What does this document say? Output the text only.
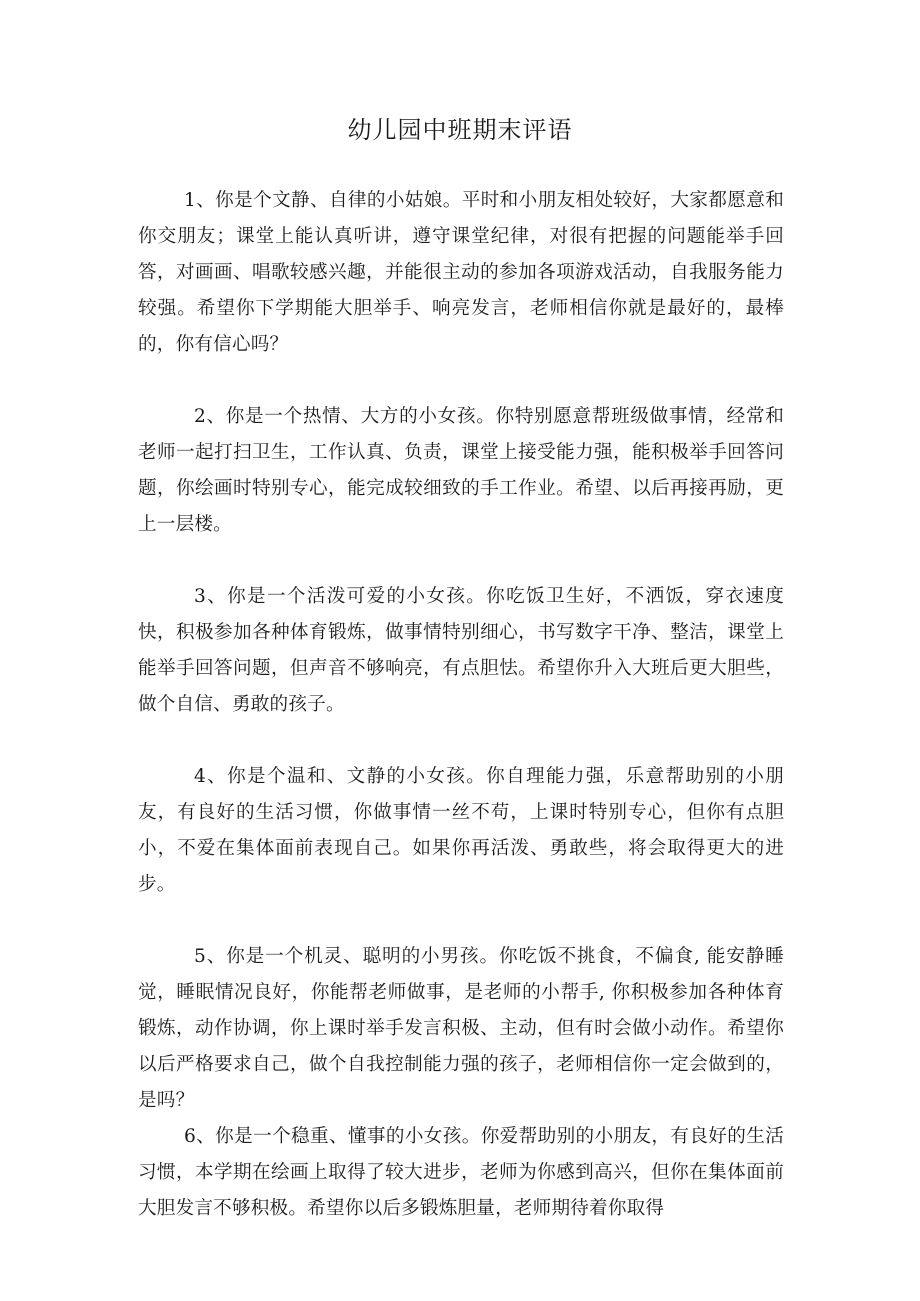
幼儿园中班期末评语

1、你是个文静、自律的小姑娘。平时和小朋友相处较好，大家都愿意和你交朋友；课堂上能认真听讲，遵守课堂纪律，对很有把握的问题能举手回答，对画画、唱歌较感兴趣，并能很主动的参加各项游戏活动，自我服务能力较强。希望你下学期能大胆举手、响亮发言，老师相信你就是最好的，最棒的，你有信心吗？

2、你是一个热情、大方的小女孩。你特别愿意帮班级做事情，经常和老师一起打扫卫生，工作认真、负责，课堂上接受能力强，能积极举手回答问题，你绘画时特别专心，能完成较细致的手工作业。希望、以后再接再励，更上一层楼。

3、你是一个活泼可爱的小女孩。你吃饭卫生好，不洒饭，穿衣速度快，积极参加各种体育锻炼，做事情特别细心，书写数字干净、整洁，课堂上能举手回答问题，但声音不够响亮，有点胆怯。希望你升入大班后更大胆些，做个自信、勇敢的孩子。

4、你是个温和、文静的小女孩。你自理能力强，乐意帮助别的小朋友，有良好的生活习惯，你做事情一丝不苟，上课时特别专心，但你有点胆小，不爱在集体面前表现自己。如果你再活泼、勇敢些，将会取得更大的进步。

5、你是一个机灵、聪明的小男孩。你吃饭不挑食，不偏食, 能安静睡觉，睡眠情况良好，你能帮老师做事，是老师的小帮手, 你积极参加各种体育锻炼，动作协调，你上课时举手发言积极、主动，但有时会做小动作。希望你以后严格要求自己，做个自我控制能力强的孩子，老师相信你一定会做到的，是吗？

6、你是一个稳重、懂事的小女孩。你爱帮助别的小朋友，有良好的生活习惯，本学期在绘画上取得了较大进步，老师为你感到高兴，但你在集体面前大胆发言不够积极。希望你以后多锻炼胆量，老师期待着你取得
